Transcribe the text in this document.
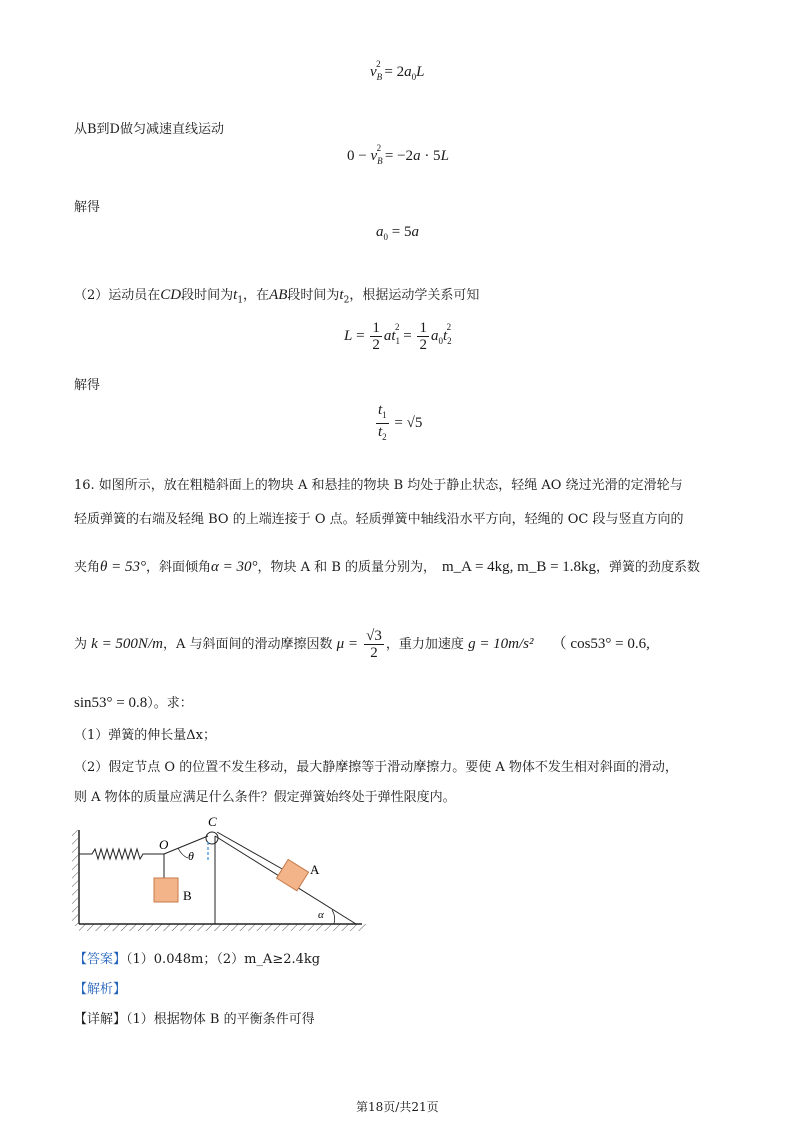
$v_B^2 = 2a_0L$
从B到D做匀减速直线运动
$0 - v_B^2 = -2a \cdot 5L$
解得
$a_0 = 5a$
（2）运动员在CD段时间为$t_1$，在AB段时间为$t_2$，根据运动学关系可知
$L = \frac{1}{2} at_1^2 = \frac{1}{2} a_0t_2^2$
解得
$\frac{t_1}{t_2} = √5$
16. 如图所示，放在粗糙斜面上的物块 A 和悬挂的物块 B 均处于静止状态，轻绳 AO 绕过光滑的定滑轮与
轻质弹簧的右端及轻绳 BO 的上端连接于 O 点。轻质弹簧中轴线沿水平方向，轻绳的 OC 段与竖直方向的
夹角θ = 53°，斜面倾角α = 30°，物块 A 和 B 的质量分别为， m_A = 4kg, m_B = 1.8kg，弹簧的劲度系数
为 k = 500N/m，A 与斜面间的滑动摩擦因数 $\mu = \frac{√3}{2}$ ，重力加速度 g = 10m/s² （ cos53° = 0.6,
sin53° = 0.8）。求：
（1）弹簧的伸长量Δx；
（2）假定节点 O 的位置不发生移动，最大静摩擦等于滑动摩擦力。要使 A 物体不发生相对斜面的滑动，
则 A 物体的质量应满足什么条件？假定弹簧始终处于弹性限度内。
C
O
θ
B
A
α
【答案】（1）0.048m；（2）m_A≥2.4kg
【解析】
【详解】（1）根据物体 B 的平衡条件可得
第18页/共21页
